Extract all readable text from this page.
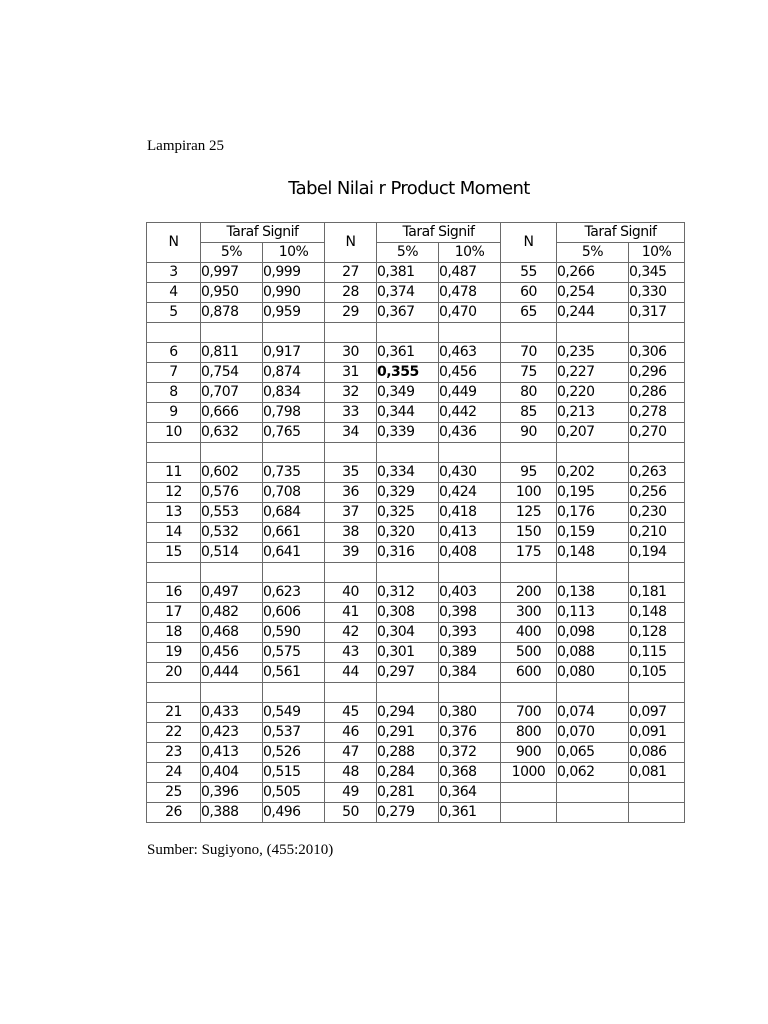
Lampiran 25
Tabel Nilai r Product Moment
N	Taraf Signif		N	Taraf Signif		N	Taraf Signif	
	5%	10%		5%	10%		5%	10%
3	0,997	0,999	27	0,381	0,487	55	0,266	0,345
4	0,950	0,990	28	0,374	0,478	60	0,254	0,330
5	0,878	0,959	29	0,367	0,470	65	0,244	0,317

6	0,811	0,917	30	0,361	0,463	70	0,235	0,306
7	0,754	0,874	31	0,355	0,456	75	0,227	0,296
8	0,707	0,834	32	0,349	0,449	80	0,220	0,286
9	0,666	0,798	33	0,344	0,442	85	0,213	0,278
10	0,632	0,765	34	0,339	0,436	90	0,207	0,270

11	0,602	0,735	35	0,334	0,430	95	0,202	0,263
12	0,576	0,708	36	0,329	0,424	100	0,195	0,256
13	0,553	0,684	37	0,325	0,418	125	0,176	0,230
14	0,532	0,661	38	0,320	0,413	150	0,159	0,210
15	0,514	0,641	39	0,316	0,408	175	0,148	0,194

16	0,497	0,623	40	0,312	0,403	200	0,138	0,181
17	0,482	0,606	41	0,308	0,398	300	0,113	0,148
18	0,468	0,590	42	0,304	0,393	400	0,098	0,128
19	0,456	0,575	43	0,301	0,389	500	0,088	0,115
20	0,444	0,561	44	0,297	0,384	600	0,080	0,105

21	0,433	0,549	45	0,294	0,380	700	0,074	0,097
22	0,423	0,537	46	0,291	0,376	800	0,070	0,091
23	0,413	0,526	47	0,288	0,372	900	0,065	0,086
24	0,404	0,515	48	0,284	0,368	1000	0,062	0,081
25	0,396	0,505	49	0,281	0,364			
26	0,388	0,496	50	0,279	0,361			
Sumber: Sugiyono, (455:2010)
